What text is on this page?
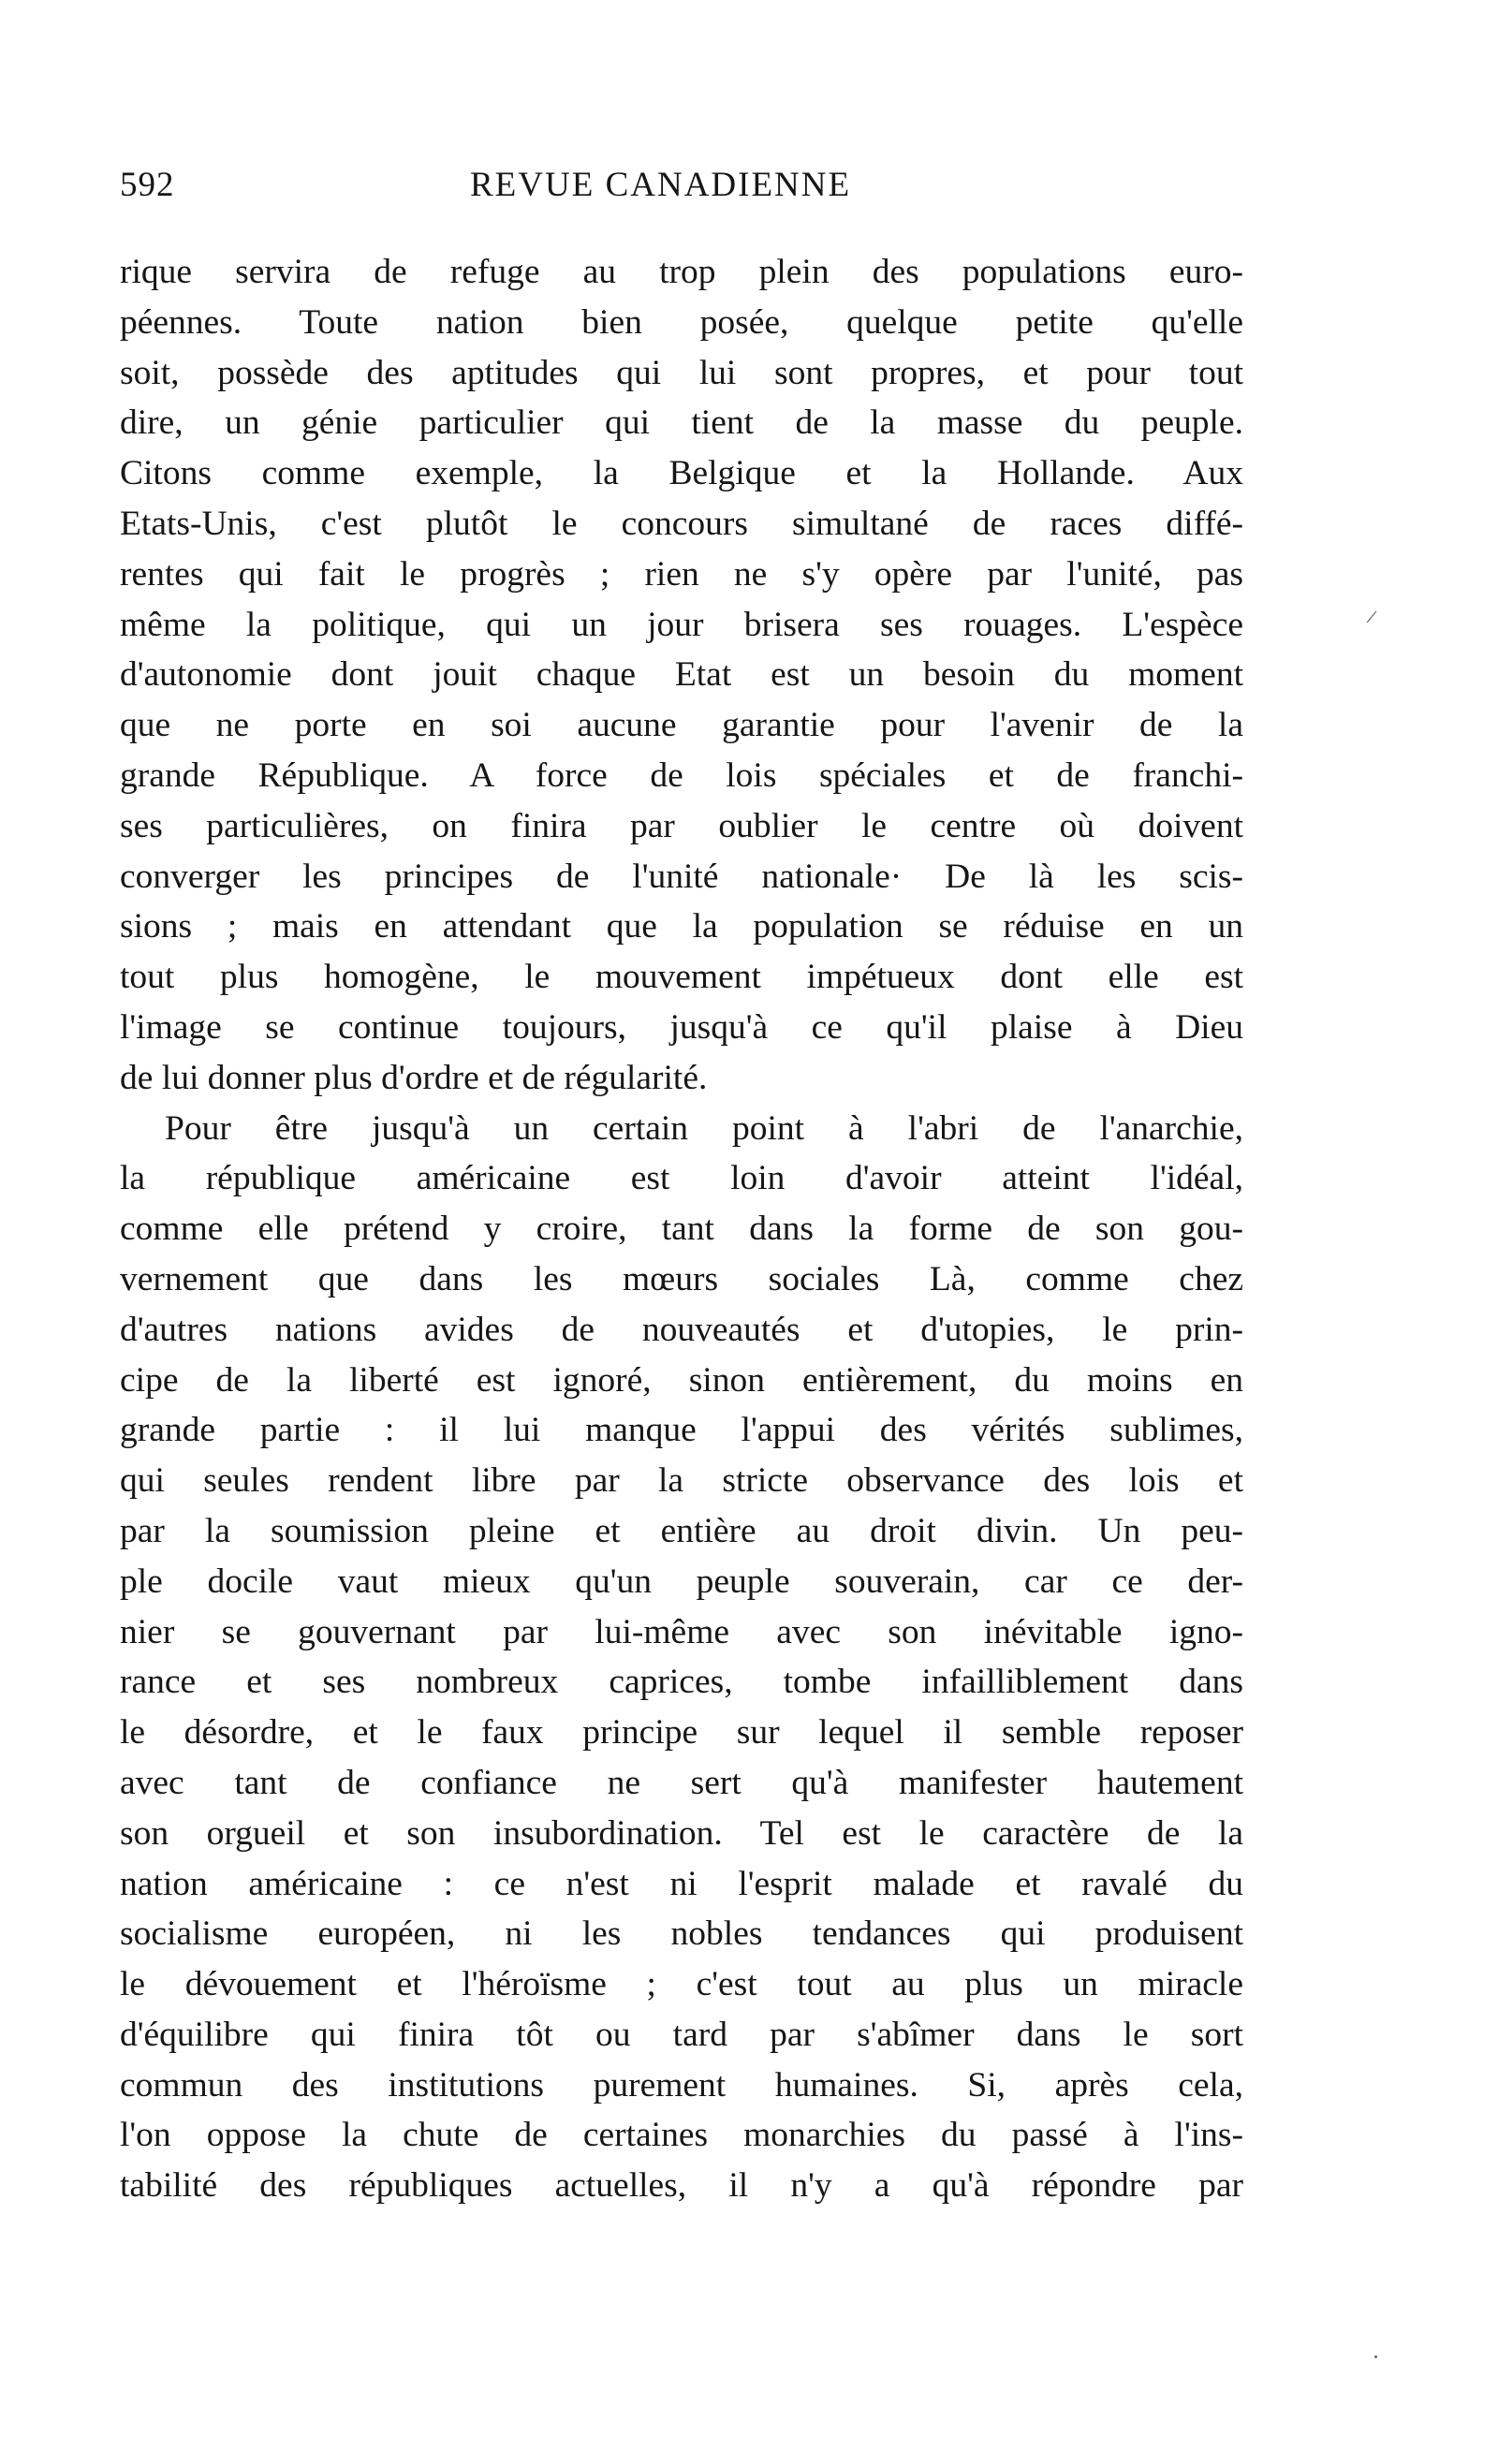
592	REVUE CANADIENNE
/
rique servira de refuge au trop plein des populations euro-
péennes. Toute nation bien posée, quelque petite qu'elle
soit, possède des aptitudes qui lui sont propres, et pour tout
dire, un génie particulier qui tient de la masse du peuple.
Citons comme exemple, la Belgique et la Hollande. Aux
Etats-Unis, c'est plutôt le concours simultané de races diffé-
rentes qui fait le progrès ; rien ne s'y opère par l'unité, pas
même la politique, qui un jour brisera ses rouages. L'espèce
d'autonomie dont jouit chaque Etat est un besoin du moment
que ne porte en soi aucune garantie pour l'avenir de la
grande République. A force de lois spéciales et de franchi-
ses particulières, on finira par oublier le centre où doivent
converger les principes de l'unité nationale· De là les scis-
sions ; mais en attendant que la population se réduise en un
tout plus homogène, le mouvement impétueux dont elle est
l'image se continue toujours, jusqu'à ce qu'il plaise à Dieu
de lui donner plus d'ordre et de régularité.
Pour être jusqu'à un certain point à l'abri de l'anarchie,
la république américaine est loin d'avoir atteint l'idéal,
comme elle prétend y croire, tant dans la forme de son gou-
vernement que dans les mœurs sociales Là, comme chez
d'autres nations avides de nouveautés et d'utopies, le prin-
cipe de la liberté est ignoré, sinon entièrement, du moins en
grande partie : il lui manque l'appui des vérités sublimes,
qui seules rendent libre par la stricte observance des lois et
par la soumission pleine et entière au droit divin. Un peu-
ple docile vaut mieux qu'un peuple souverain, car ce der-
nier se gouvernant par lui-même avec son inévitable igno-
rance et ses nombreux caprices, tombe infailliblement dans
le désordre, et le faux principe sur lequel il semble reposer
avec tant de confiance ne sert qu'à manifester hautement
son orgueil et son insubordination. Tel est le caractère de la
nation américaine : ce n'est ni l'esprit malade et ravalé du
socialisme européen, ni les nobles tendances qui produisent
le dévouement et l'héroïsme ; c'est tout au plus un miracle
d'équilibre qui finira tôt ou tard par s'abîmer dans le sort
commun des institutions purement humaines. Si, après cela,
l'on oppose la chute de certaines monarchies du passé à l'ins-
tabilité des républiques actuelles, il n'y a qu'à répondre par
